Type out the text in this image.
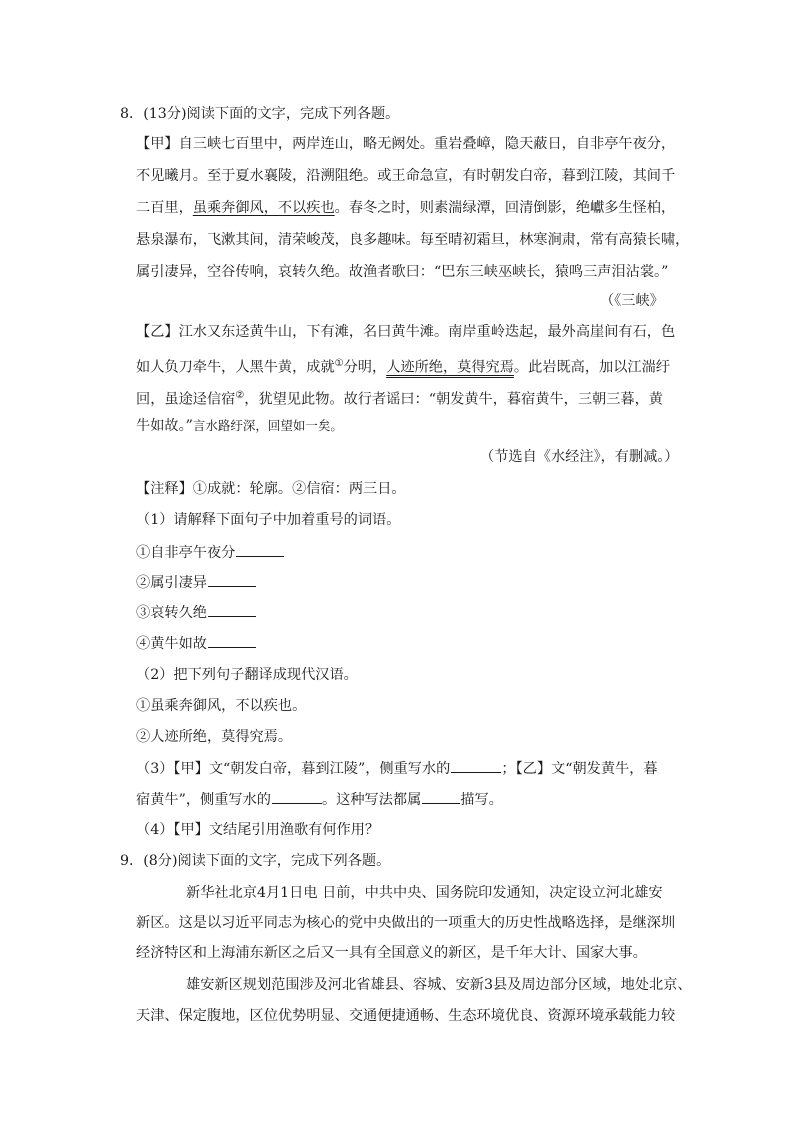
8．(13分)阅读下面的文字，完成下列各题。
【甲】自三峡七百里中，两岸连山，略无阙处。重岩叠嶂，隐天蔽日，自非亭午夜分，
不见曦月。至于夏水襄陵，沿溯阻绝。或王命急宣，有时朝发白帝，暮到江陵，其间千
二百里，虽乘奔御风，不以疾也。春冬之时，则素湍绿潭，回清倒影，绝巘多生怪柏，
悬泉瀑布，飞漱其间，清荣峻茂，良多趣味。每至晴初霜旦，林寒涧肃，常有高猿长啸，
属引凄异，空谷传响，哀转久绝。故渔者歌曰：“巴东三峡巫峡长，猿鸣三声泪沾裳。”
（《三峡》
【乙】江水又东迳黄牛山，下有滩，名曰黄牛滩。南岸重岭迭起，最外高崖间有石，色
如人负刀牵牛，人黑牛黄，成就①分明，人迹所绝，莫得究焉。此岩既高，加以江湍纡
回，虽途迳信宿②，犹望见此物。故行者谣曰：“朝发黄牛，暮宿黄牛，三朝三暮，黄
牛如故。”言水路纡深，回望如一矣。
（节选自《水经注》，有删减。）
【注释】①成就：轮廓。②信宿：两三日。
（1）请解释下面句子中加着重号的词语。
①自非亭午夜分
②属引凄异
③哀转久绝
④黄牛如故
（2）把下列句子翻译成现代汉语。
①虽乘奔御风，不以疾也。
②人迹所绝，莫得究焉。
（3）【甲】文“朝发白帝，暮到江陵”，侧重写水的	；【乙】文“朝发黄牛，暮
宿黄牛”，侧重写水的	。这种写法都属	描写。
（4）【甲】文结尾引用渔歌有何作用？
9．(8分)阅读下面的文字，完成下列各题。
新华社北京4月1日电 日前，中共中央、国务院印发通知，决定设立河北雄安
新区。这是以习近平同志为核心的党中央做出的一项重大的历史性战略选择，是继深圳
经济特区和上海浦东新区之后又一具有全国意义的新区，是千年大计、国家大事。
雄安新区规划范围涉及河北省雄县、容城、安新3县及周边部分区域，地处北京、
天津、保定腹地，区位优势明显、交通便捷通畅、生态环境优良、资源环境承载能力较
